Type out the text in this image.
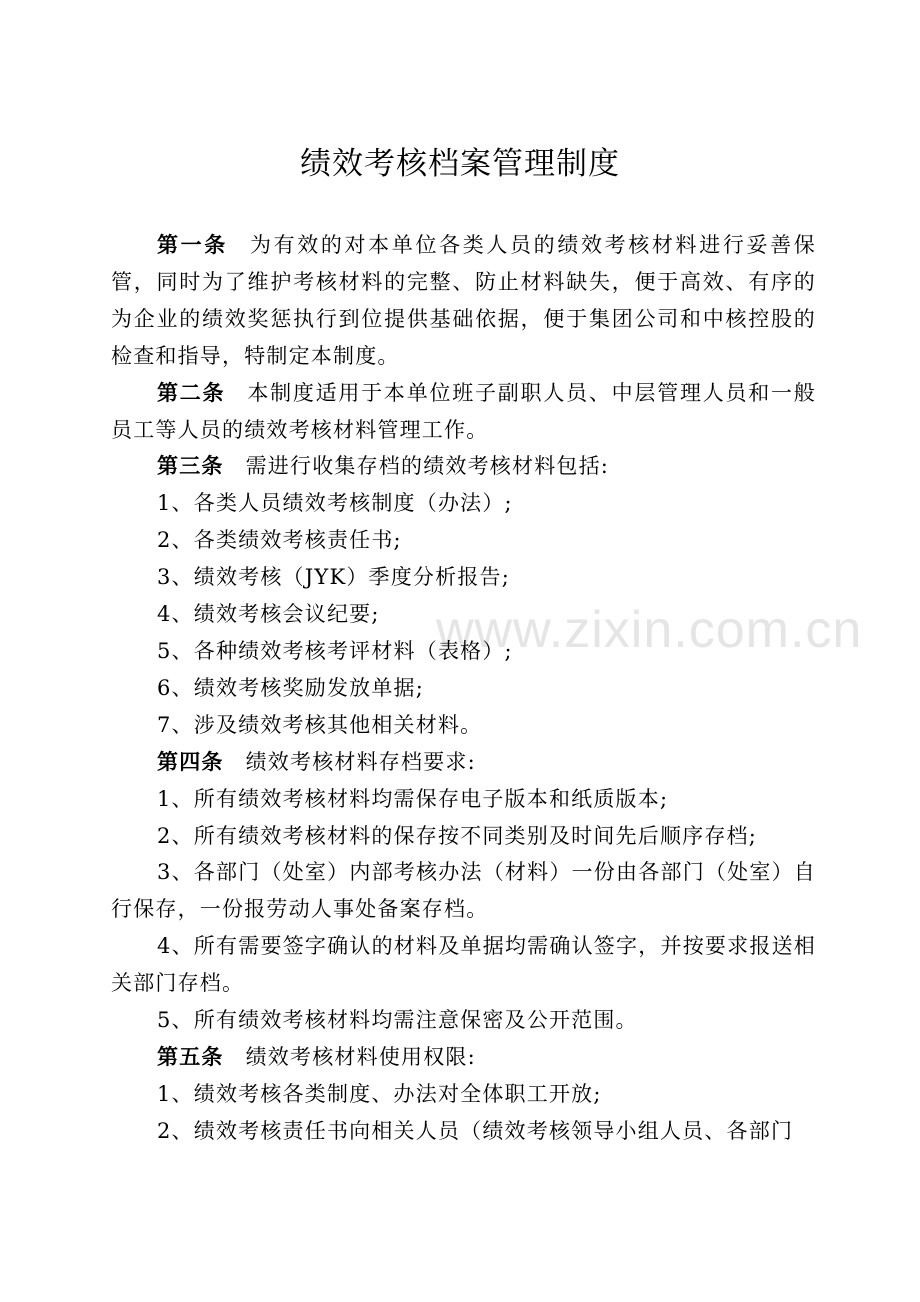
www.zixin.com.cn
绩效考核档案管理制度

第一条 为有效的对本单位各类人员的绩效考核材料进行妥善保管，同时为了维护考核材料的完整、防止材料缺失，便于高效、有序的为企业的绩效奖惩执行到位提供基础依据，便于集团公司和中核控股的检查和指导，特制定本制度。

第二条 本制度适用于本单位班子副职人员、中层管理人员和一般员工等人员的绩效考核材料管理工作。

第三条 需进行收集存档的绩效考核材料包括:

1、各类人员绩效考核制度（办法）;

2、各类绩效考核责任书;

3、绩效考核（JYK）季度分析报告;

4、绩效考核会议纪要;

5、各种绩效考核考评材料（表格）;

6、绩效考核奖励发放单据;

7、涉及绩效考核其他相关材料。

第四条 绩效考核材料存档要求:

1、所有绩效考核材料均需保存电子版本和纸质版本;

2、所有绩效考核材料的保存按不同类别及时间先后顺序存档;

3、各部门（处室）内部考核办法（材料）一份由各部门（处室）自行保存，一份报劳动人事处备案存档。

4、所有需要签字确认的材料及单据均需确认签字，并按要求报送相关部门存档。

5、所有绩效考核材料均需注意保密及公开范围。

第五条 绩效考核材料使用权限:

1、绩效考核各类制度、办法对全体职工开放;

2、绩效考核责任书向相关人员（绩效考核领导小组人员、各部门
